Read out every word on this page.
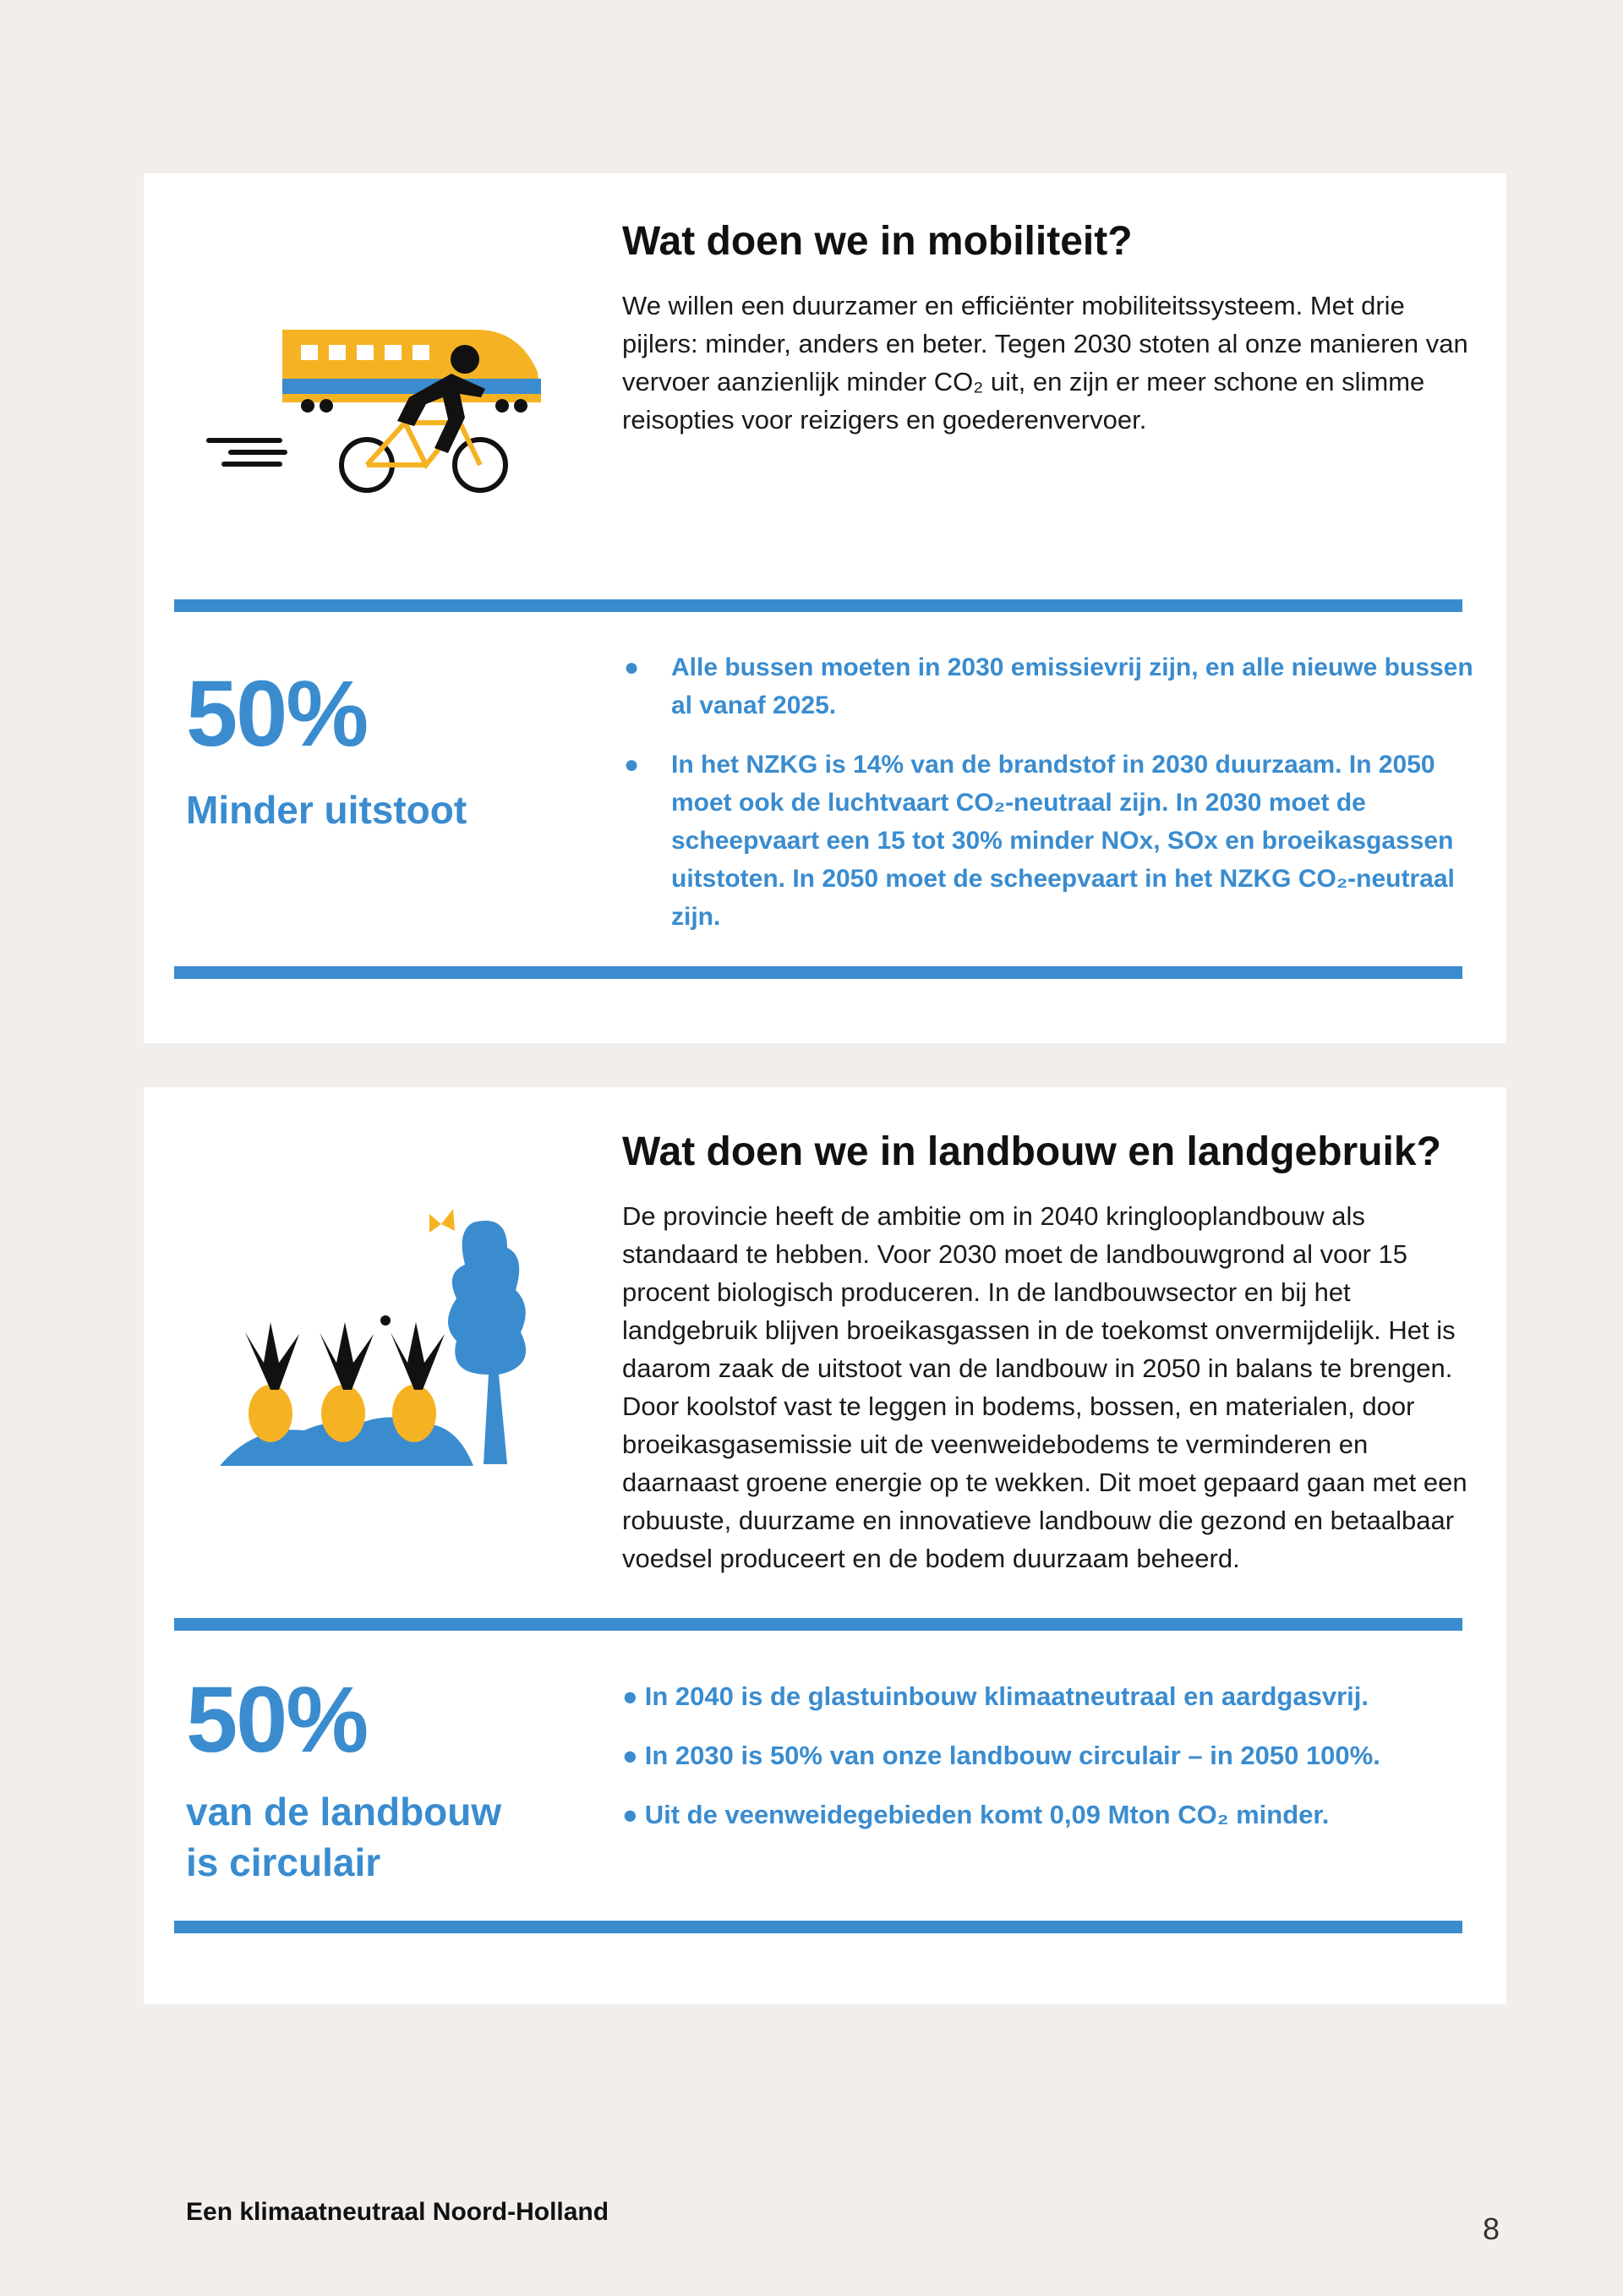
Wat doen we in mobiliteit?

We willen een duurzamer en efficiënter mobiliteitssysteem. Met drie pijlers: minder, anders en beter. Tegen 2030 stoten al onze manieren van vervoer aanzienlijk minder CO₂ uit, en zijn er meer schone en slimme reisopties voor reizigers en goederenvervoer.

50%

Minder uitstoot

● Alle bussen moeten in 2030 emissievrij zijn, en alle nieuwe bussen al vanaf 2025.
● In het NZKG is 14% van de brandstof in 2030 duurzaam. In 2050 moet ook de luchtvaart CO₂-neutraal zijn. In 2030 moet de scheepvaart een 15 tot 30% minder NOx, SOx en broeikasgassen uitstoten. In 2050 moet de scheepvaart in het NZKG CO₂-neutraal zijn.
Wat doen we in landbouw en landgebruik?

De provincie heeft de ambitie om in 2040 kringlooplandbouw als standaard te hebben. Voor 2030 moet de landbouwgrond al voor 15 procent biologisch produceren. In de landbouwsector en bij het landgebruik blijven broeikasgassen in de toekomst onvermijdelijk. Het is daarom zaak de uitstoot van de landbouw in 2050 in balans te brengen. Door koolstof vast te leggen in bodems, bossen, en materialen, door broeikasgasemissie uit de veenweidebodems te verminderen en daarnaast groene energie op te wekken. Dit moet gepaard gaan met een robuuste, duurzame en innovatieve landbouw die gezond en betaalbaar voedsel produceert en de bodem duurzaam beheerd.

50%

van de landbouw

is circulair

● In 2040 is de glastuinbouw klimaatneutraal en aardgasvrij.
● In 2030 is 50% van onze landbouw circulair – in 2050 100%.
● Uit de veenweidegebieden komt 0,09 Mton CO₂ minder.

Een klimaatneutraal Noord-Holland	8
